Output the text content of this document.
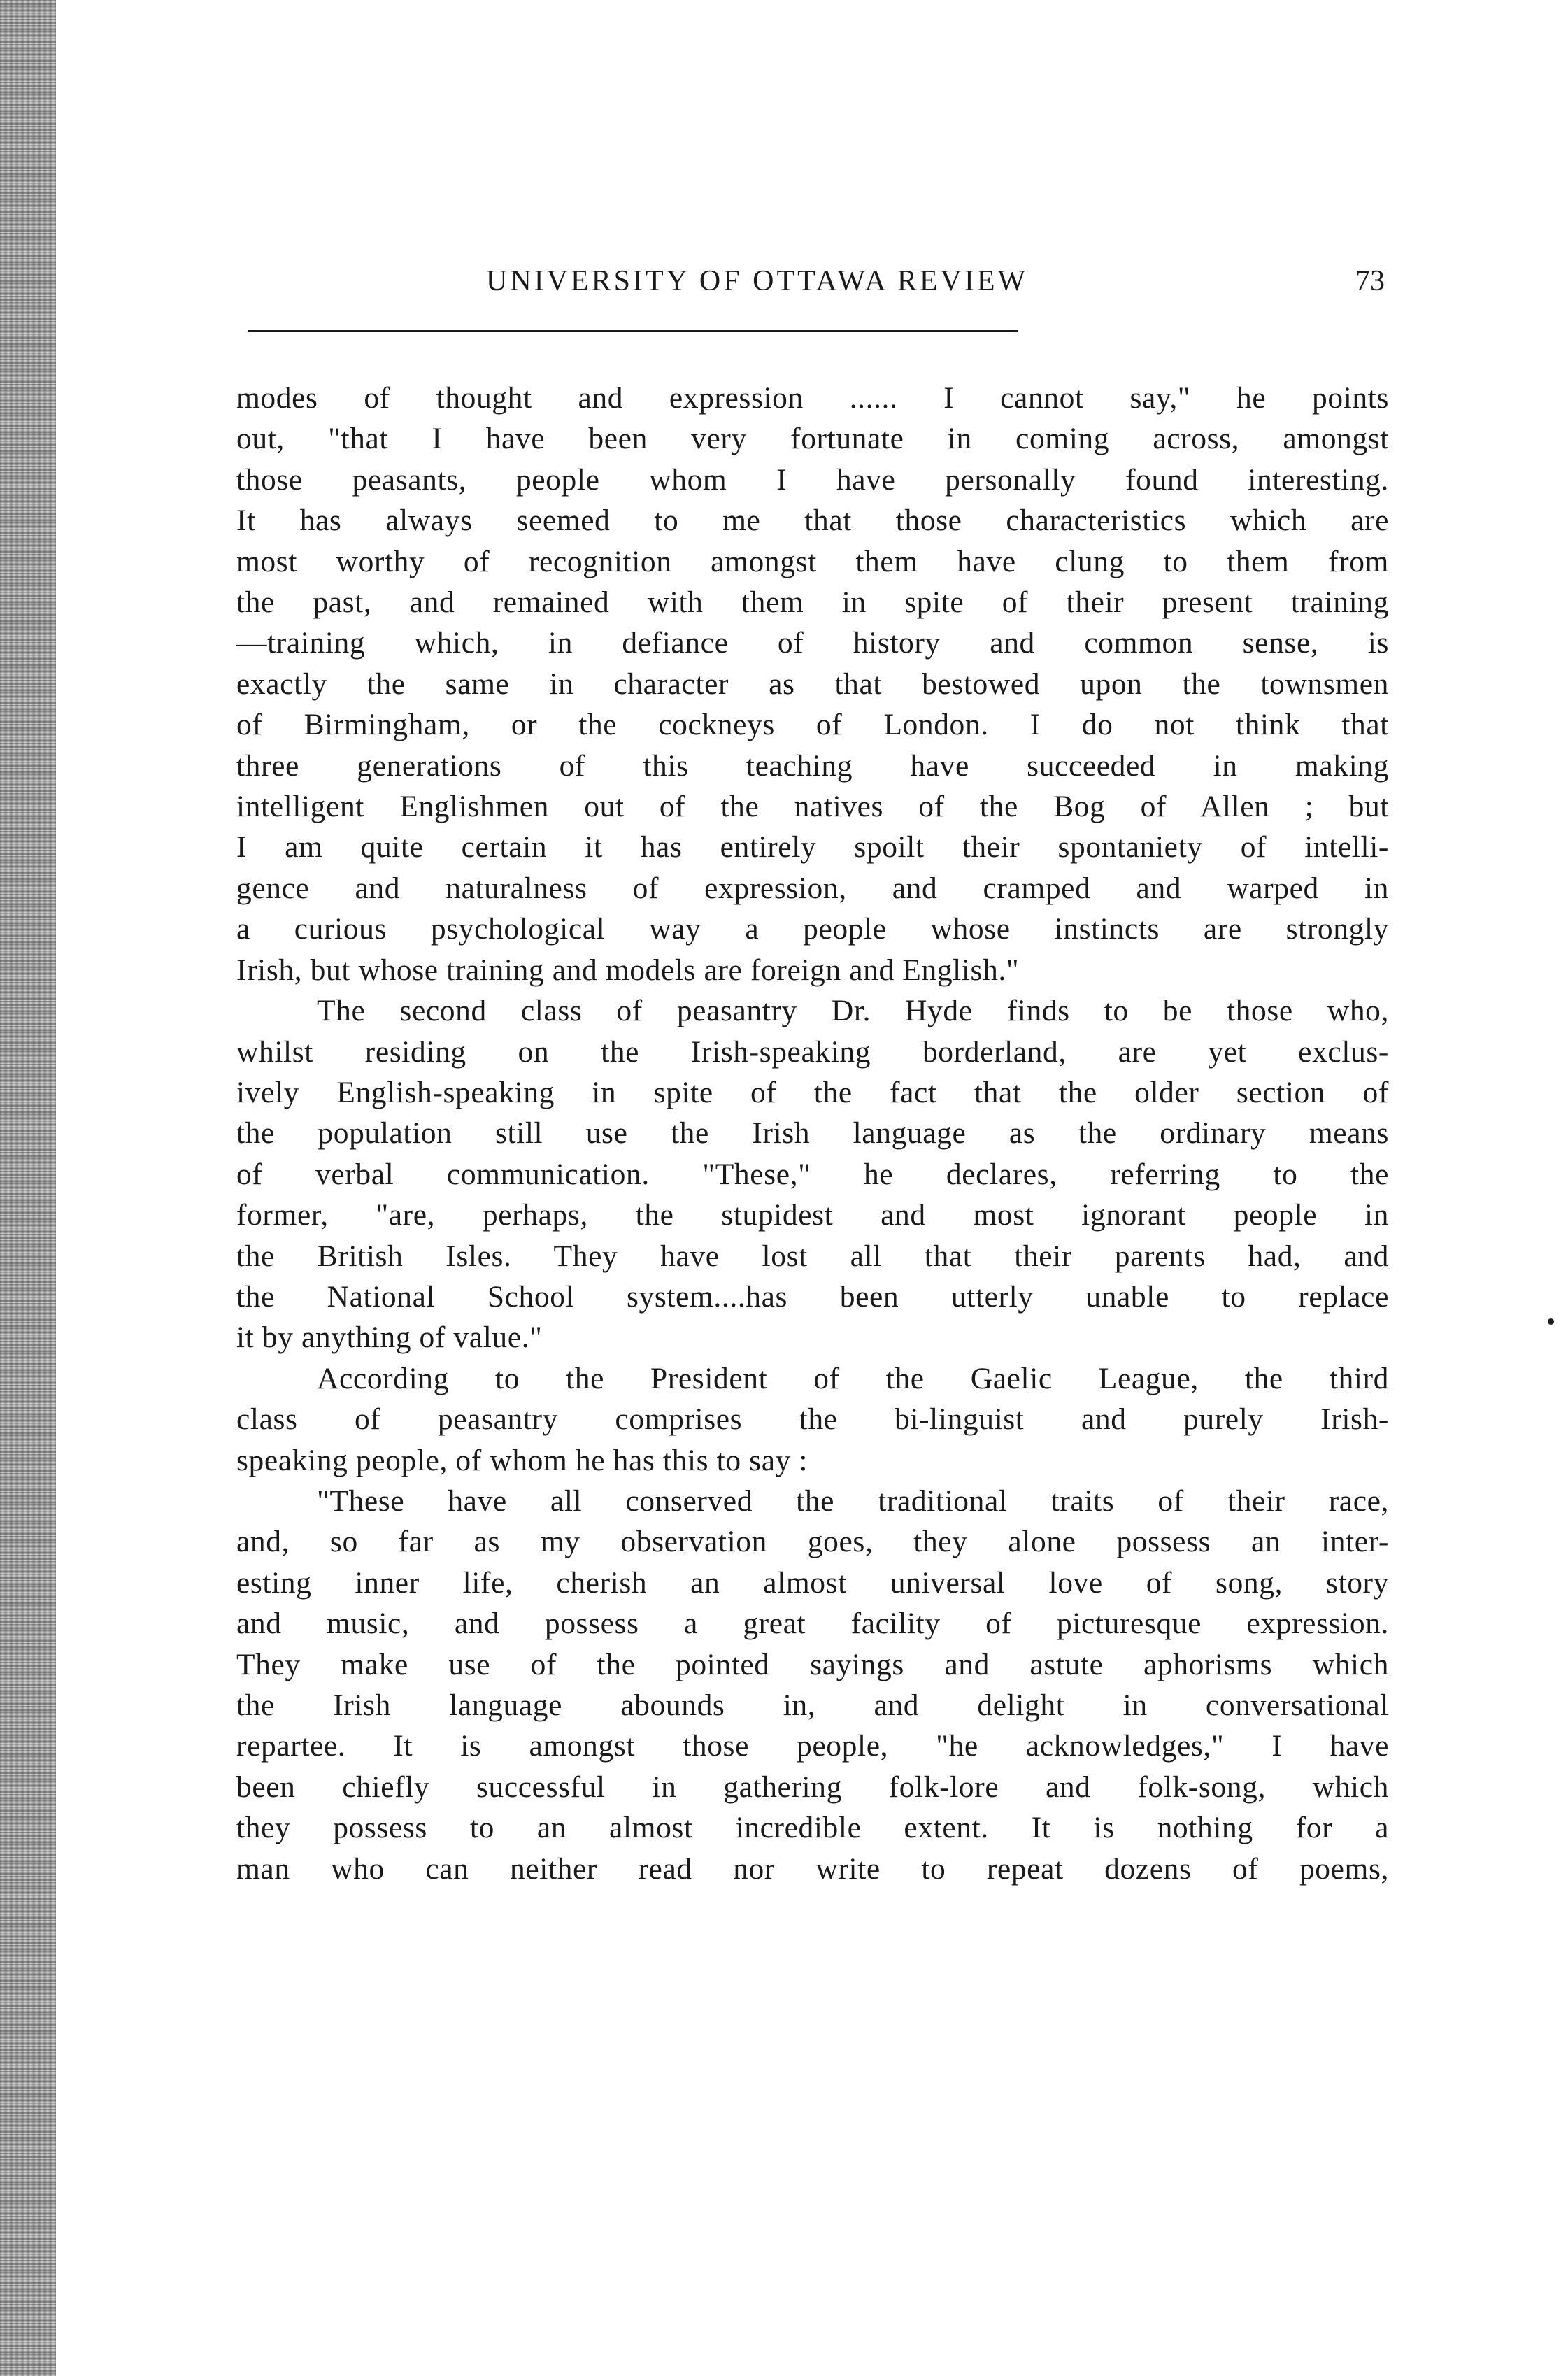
UNIVERSITY OF OTTAWA REVIEW	73

modes of thought and expression ...... I cannot say," he points
out, "that I have been very fortunate in coming across, amongst
those peasants, people whom I have personally found interesting.
It has always seemed to me that those characteristics which are
most worthy of recognition amongst them have clung to them from
the past, and remained with them in spite of their present training
—training which, in defiance of history and common sense, is
exactly the same in character as that bestowed upon the townsmen
of Birmingham, or the cockneys of London. I do not think that
three generations of this teaching have succeeded in making
intelligent Englishmen out of the natives of the Bog of Allen ; but
I am quite certain it has entirely spoilt their spontaniety of intelli-
gence and naturalness of expression, and cramped and warped in
a curious psychological way a people whose instincts are strongly
Irish, but whose training and models are foreign and English."

The second class of peasantry Dr. Hyde finds to be those who,
whilst residing on the Irish-speaking borderland, are yet exclus-
ively English-speaking in spite of the fact that the older section of
the population still use the Irish language as the ordinary means
of verbal communication. "These," he declares, referring to the
former, "are, perhaps, the stupidest and most ignorant people in
the British Isles. They have lost all that their parents had, and
the National School system....has been utterly unable to replace
it by anything of value."

According to the President of the Gaelic League, the third
class of peasantry comprises the bi-linguist and purely Irish-
speaking people, of whom he has this to say :

"These have all conserved the traditional traits of their race,
and, so far as my observation goes, they alone possess an inter-
esting inner life, cherish an almost universal love of song, story
and music, and possess a great facility of picturesque expression.
They make use of the pointed sayings and astute aphorisms which
the Irish language abounds in, and delight in conversational
repartee. It is amongst those people, "he acknowledges," I have
been chiefly successful in gathering folk-lore and folk-song, which
they possess to an almost incredible extent. It is nothing for a
man who can neither read nor write to repeat dozens of poems,
